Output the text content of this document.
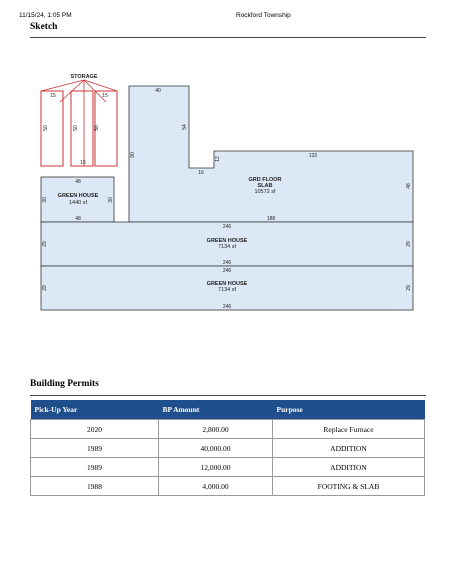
11/15/24, 1:05 PM	Rockford Township
Sketch
STORAGE
15	15
50	50	50
15
48
GREEN HOUSE
1440 sf
48
30	30
40
54
90
16
12	132
GRD FLOOR
SLAB
10572 sf
48
188
246
GREEN HOUSE
7134 sf
29	29
246
246
GREEN HOUSE
7134 sf
29	29
246
Building Permits
Pick-Up Year	BP Amount	Purpose
2020	2,800.00	Replace Furnace
1989	40,000.00	ADDITION
1989	12,000.00	ADDITION
1988	4,000.00	FOOTING & SLAB
